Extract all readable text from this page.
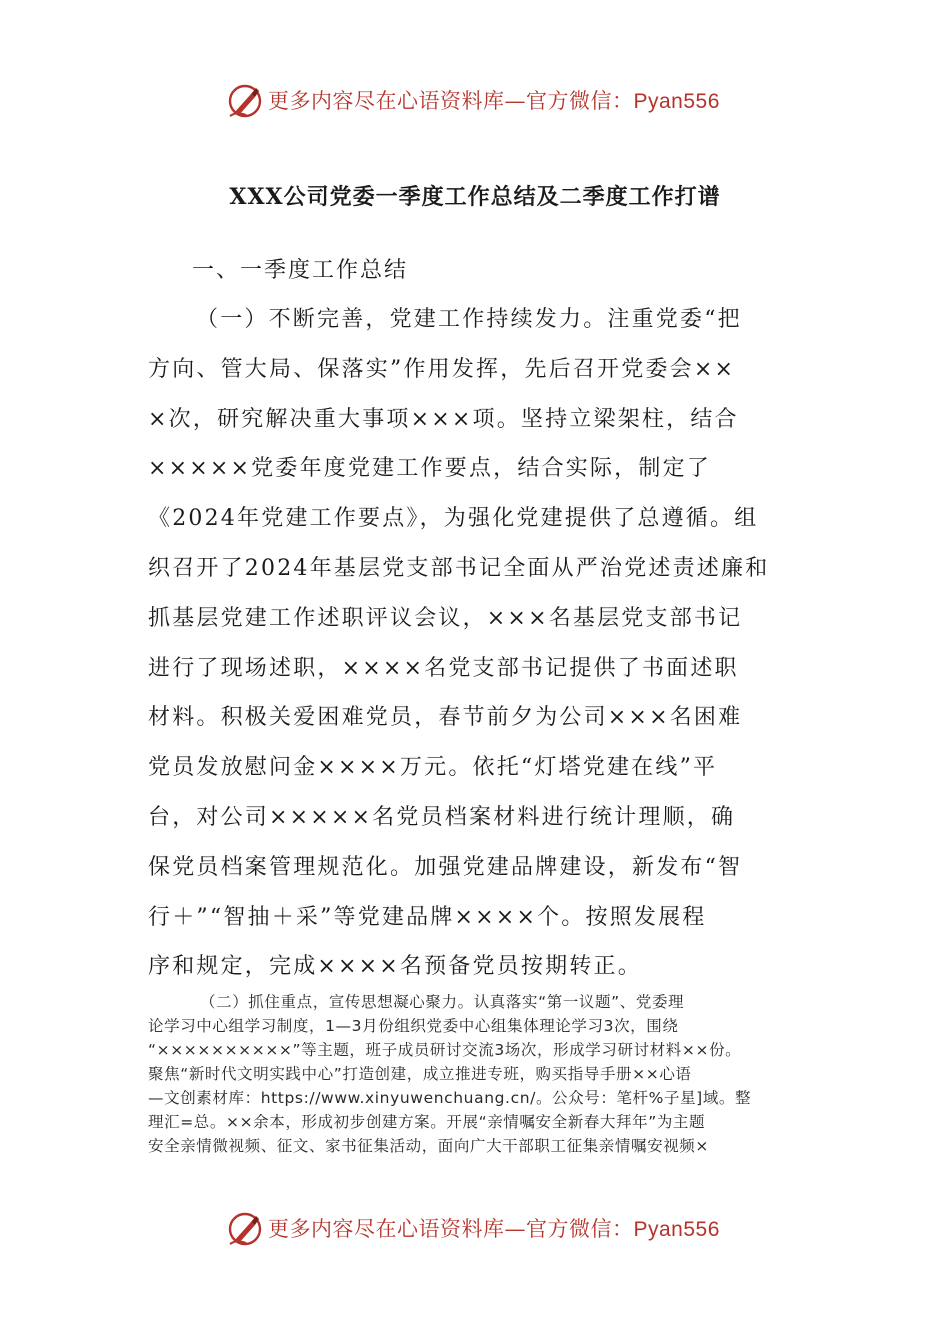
更多内容尽在心语资料库—官方微信：Pyan556
XXX公司党委一季度工作总结及二季度工作打谱
一、一季度工作总结

（一）不断完善，党建工作持续发力。注重党委“把
方向、管大局、保落实”作用发挥，先后召开党委会××
×次，研究解决重大事项×××项。坚持立梁架柱，结合
×××××党委年度党建工作要点，结合实际，制定了
《2024年党建工作要点》，为强化党建提供了总遵循。组
织召开了2024年基层党支部书记全面从严治党述责述廉和
抓基层党建工作述职评议会议，×××名基层党支部书记
进行了现场述职，××××名党支部书记提供了书面述职
材料。积极关爱困难党员，春节前夕为公司×××名困难
党员发放慰问金××××万元。依托“灯塔党建在线”平
台，对公司×××××名党员档案材料进行统计理顺，确
保党员档案管理规范化。加强党建品牌建设，新发布“智
行＋”“智抽＋采”等党建品牌××××个。按照发展程
序和规定，完成××××名预备党员按期转正。

（二）抓住重点，宣传思想凝心聚力。认真落实“第一议题”、党委理
论学习中心组学习制度，1—3月份组织党委中心组集体理论学习3次，围绕
“××××××××××”等主题，班子成员研讨交流3场次，形成学习研讨材料××份。
聚焦“新时代文明实践中心”打造创建，成立推进专班，购买指导手册××心语
—文创素材库：https://www.xinyuwenchuang.cn/。公众号：笔杆%子星]域。整
理汇=总。××余本，形成初步创建方案。开展“亲情嘱安全新春大拜年”为主题
安全亲情微视频、征文、家书征集活动，面向广大干部职工征集亲情嘱安视频×

更多内容尽在心语资料库—官方微信：Pyan556
